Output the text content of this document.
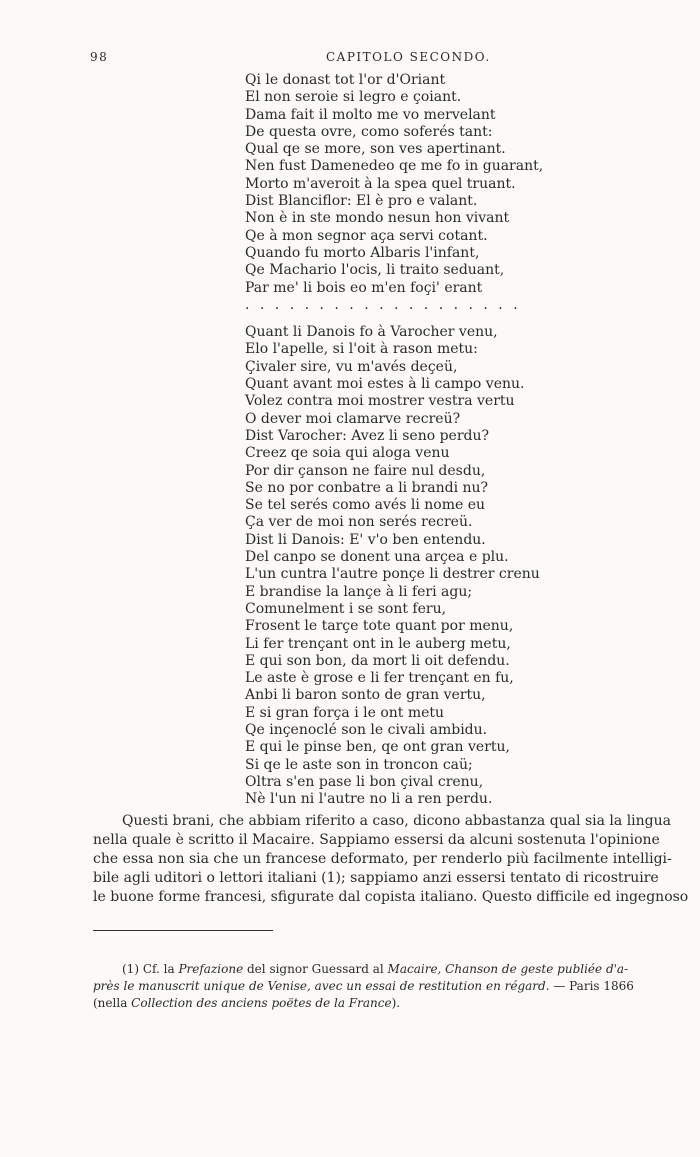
98	CAPITOLO SECONDO.
Qi le donast tot l'or d'Oriant
El non seroie si legro e çoiant.
Dama fait il molto me vo mervelant
De questa ovre, como soferés tant:
Qual qe se more, son ves apertinant.
Nen fust Damenedeo qe me fo in guarant,
Morto m'averoit à la spea quel truant.
Dist Blanciflor: El è pro e valant.
Non è in ste mondo nesun hon vivant
Qe à mon segnor aça servi cotant.
Quando fu morto Albaris l'infant,
Qe Machario l'ocis, li traito seduant,
Par me' li bois eo m'en foçi' erant
. . . . . . . . . . . . . . . . . . .
Quant li Danois fo à Varocher venu,
Elo l'apelle, si l'oit à rason metu:
Çivaler sire, vu m'avés deçeü,
Quant avant moi estes à li campo venu.
Volez contra moi mostrer vestra vertu
O dever moi clamarve recreü?
Dist Varocher: Avez li seno perdu?
Creez qe soia qui aloga venu
Por dir çanson ne faire nul desdu,
Se no por conbatre a li brandi nu?
Se tel serés como avés li nome eu
Ça ver de moi non serés recreü.
Dist li Danois: E' v'o ben entendu.
Del canpo se donent una arçea e plu.
L'un cuntra l'autre ponçe li destrer crenu
E brandise la lançe à li feri agu;
Comunelment i se sont feru,
Frosent le tarçe tote quant por menu,
Li fer trençant ont in le auberg metu,
E qui son bon, da mort li oit defendu.
Le aste è grose e li fer trençant en fu,
Anbi li baron sonto de gran vertu,
E si gran força i le ont metu
Qe inçenoclé son le civali ambidu.
E qui le pinse ben, qe ont gran vertu,
Si qe le aste son in troncon caü;
Oltra s'en pase li bon çival crenu,
Nè l'un ni l'autre no li a ren perdu.
Questi brani, che abbiam riferito a caso, dicono abbastanza qual sia la lingua
nella quale è scritto il Macaire. Sappiamo essersi da alcuni sostenuta l'opinione
che essa non sia che un francese deformato, per renderlo più facilmente intelligi-
bile agli uditori o lettori italiani (1); sappiamo anzi essersi tentato di ricostruire
le buone forme francesi, sfigurate dal copista italiano. Questo difficile ed ingegnoso
(1) Cf. la Prefazione del signor Guessard al Macaire, Chanson de geste publiée d'a-
près le manuscrit unique de Venise, avec un essai de restitution en régard. — Paris 1866
(nella Collection des anciens poëtes de la France).
